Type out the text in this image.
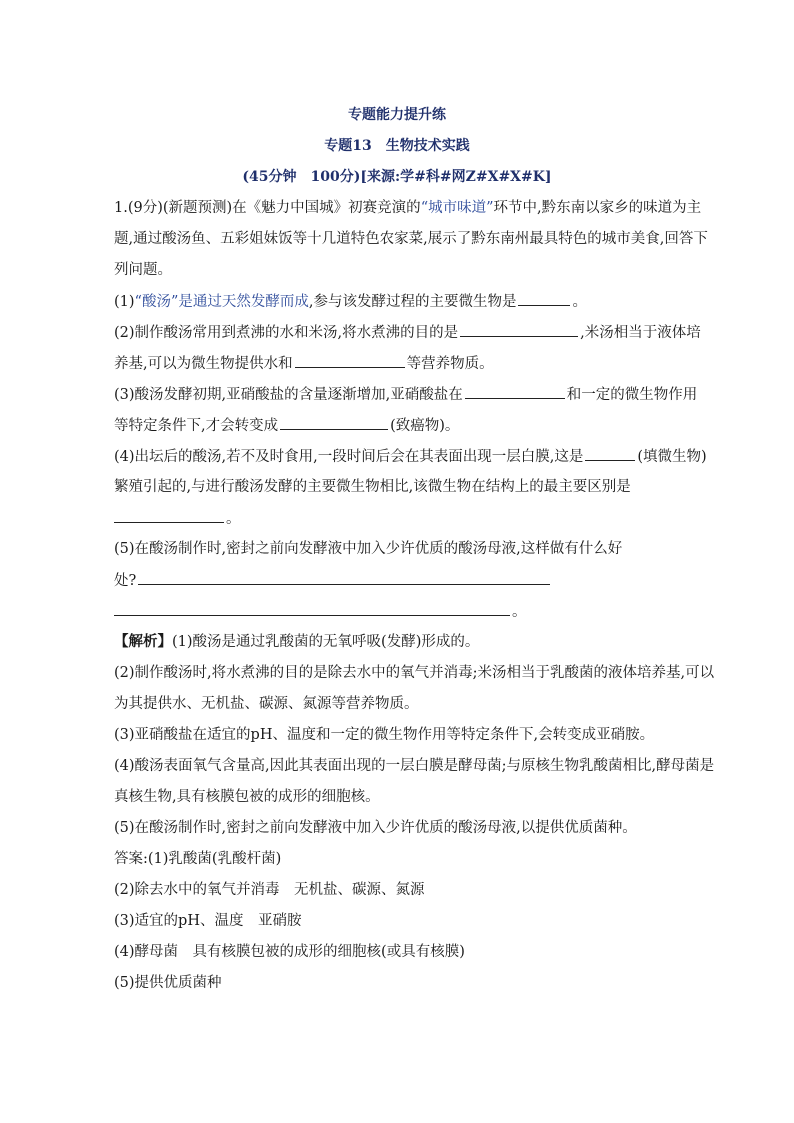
专题能力提升练
专题13　生物技术实践
(45分钟　100分)[来源:学#科#网Z#X#X#K]
1.(9分)(新题预测)在《魅力中国城》初赛竞演的“城市味道”环节中,黔东南以家乡的味道为主
题,通过酸汤鱼、五彩姐妹饭等十几道特色农家菜,展示了黔东南州最具特色的城市美食,回答下
列问题。
(1)“酸汤”是通过天然发酵而成,参与该发酵过程的主要微生物是	。
(2)制作酸汤常用到煮沸的水和米汤,将水煮沸的目的是	,米汤相当于液体培
养基,可以为微生物提供水和	等营养物质。
(3)酸汤发酵初期,亚硝酸盐的含量逐渐增加,亚硝酸盐在	和一定的微生物作用
等特定条件下,才会转变成	(致癌物)。
(4)出坛后的酸汤,若不及时食用,一段时间后会在其表面出现一层白膜,这是	(填微生物)
繁殖引起的,与进行酸汤发酵的主要微生物相比,该微生物在结构上的最主要区别是
。
(5)在酸汤制作时,密封之前向发酵液中加入少许优质的酸汤母液,这样做有什么好
处?
。
【解析】(1)酸汤是通过乳酸菌的无氧呼吸(发酵)形成的。
(2)制作酸汤时,将水煮沸的目的是除去水中的氧气并消毒;米汤相当于乳酸菌的液体培养基,可以
为其提供水、无机盐、碳源、氮源等营养物质。
(3)亚硝酸盐在适宜的pH、温度和一定的微生物作用等特定条件下,会转变成亚硝胺。
(4)酸汤表面氧气含量高,因此其表面出现的一层白膜是酵母菌;与原核生物乳酸菌相比,酵母菌是
真核生物,具有核膜包被的成形的细胞核。
(5)在酸汤制作时,密封之前向发酵液中加入少许优质的酸汤母液,以提供优质菌种。
答案:(1)乳酸菌(乳酸杆菌)
(2)除去水中的氧气并消毒　无机盐、碳源、氮源
(3)适宜的pH、温度　亚硝胺
(4)酵母菌　具有核膜包被的成形的细胞核(或具有核膜)
(5)提供优质菌种
